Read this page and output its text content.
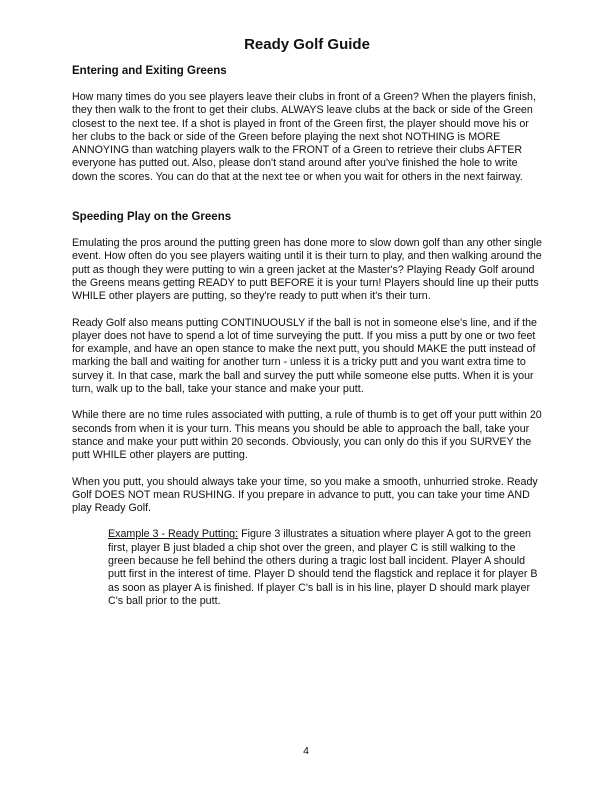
Ready Golf Guide
Entering and Exiting Greens

How many times do you see players leave their clubs in front of a Green? When the players finish, they then walk to the front to get their clubs. ALWAYS leave clubs at the back or side of the Green closest to the next tee. If a shot is played in front of the Green first, the player should move his or her clubs to the back or side of the Green before playing the next shot NOTHING is MORE ANNOYING than watching players walk to the FRONT of a Green to retrieve their clubs AFTER everyone has putted out. Also, please don't stand around after you've finished the hole to write down the scores. You can do that at the next tee or when you wait for others in the next fairway.

Speeding Play on the Greens

Emulating the pros around the putting green has done more to slow down golf than any other single event. How often do you see players waiting until it is their turn to play, and then walking around the putt as though they were putting to win a green jacket at the Master's? Playing Ready Golf around the Greens means getting READY to putt BEFORE it is your turn! Players should line up their putts WHILE other players are putting, so they're ready to putt when it's their turn.

Ready Golf also means putting CONTINUOUSLY if the ball is not in someone else's line, and if the player does not have to spend a lot of time surveying the putt. If you miss a putt by one or two feet for example, and have an open stance to make the next putt, you should MAKE the putt instead of marking the ball and waiting for another turn - unless it is a tricky putt and you want extra time to survey it. In that case, mark the ball and survey the putt while someone else putts. When it is your turn, walk up to the ball, take your stance and make your putt.

While there are no time rules associated with putting, a rule of thumb is to get off your putt within 20 seconds from when it is your turn. This means you should be able to approach the ball, take your stance and make your putt within 20 seconds. Obviously, you can only do this if you SURVEY the putt WHILE other players are putting.

When you putt, you should always take your time, so you make a smooth, unhurried stroke. Ready Golf DOES NOT mean RUSHING. If you prepare in advance to putt, you can take your time AND play Ready Golf.

Example 3 - Ready Putting: Figure 3 illustrates a situation where player A got to the green first, player B just bladed a chip shot over the green, and player C is still walking to the green because he fell behind the others during a tragic lost ball incident. Player A should putt first in the interest of time. Player D should tend the flagstick and replace it for player B as soon as player A is finished. If player C's ball is in his line, player D should mark player C's ball prior to the putt.

4
